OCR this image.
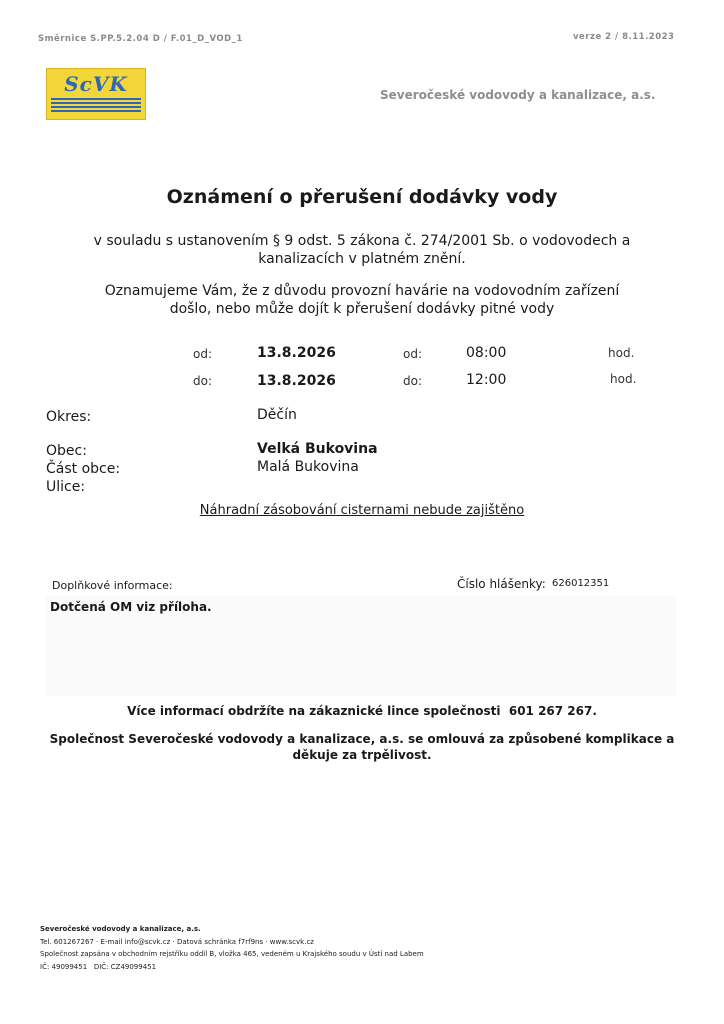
Směrnice S.PP.5.2.04 D / F.01_D_VOD_1	verze 2 / 8.11.2023
ScVK	Severočeské vodovody a kanalizace, a.s.
Oznámení o přerušení dodávky vody
v souladu s ustanovením § 9 odst. 5 zákona č. 274/2001 Sb. o vodovodech a
kanalizacích v platném znění.
Oznamujeme Vám, že z důvodu provozní havárie na vodovodním zařízení
došlo, nebo může dojít k přerušení dodávky pitné vody
od:	13.8.2026	od:	08:00	hod.
do:	13.8.2026	do:	12:00	hod.
Okres:	Děčín
Obec:	Velká Bukovina
Část obce:	Malá Bukovina
Ulice:
Náhradní zásobování cisternami nebude zajištěno
Doplňkové informace:	Číslo hlášenky: 626012351
Dotčená OM viz příloha.
Více informací obdržíte na zákaznické lince společnosti  601 267 267.
Společnost Severočeské vodovody a kanalizace, a.s. se omlouvá za způsobené komplikace a
děkuje za trpělivost.
Severočeské vodovody a kanalizace, a.s.
Tel. 601267267 · E-mail info@scvk.cz · Datová schránka f7rf9ns · www.scvk.cz
Společnost zapsána v obchodním rejstříku oddíl B, vložka 465, vedeném u Krajského soudu v Ústí nad Labem
IČ: 49099451   DIČ: CZ49099451
